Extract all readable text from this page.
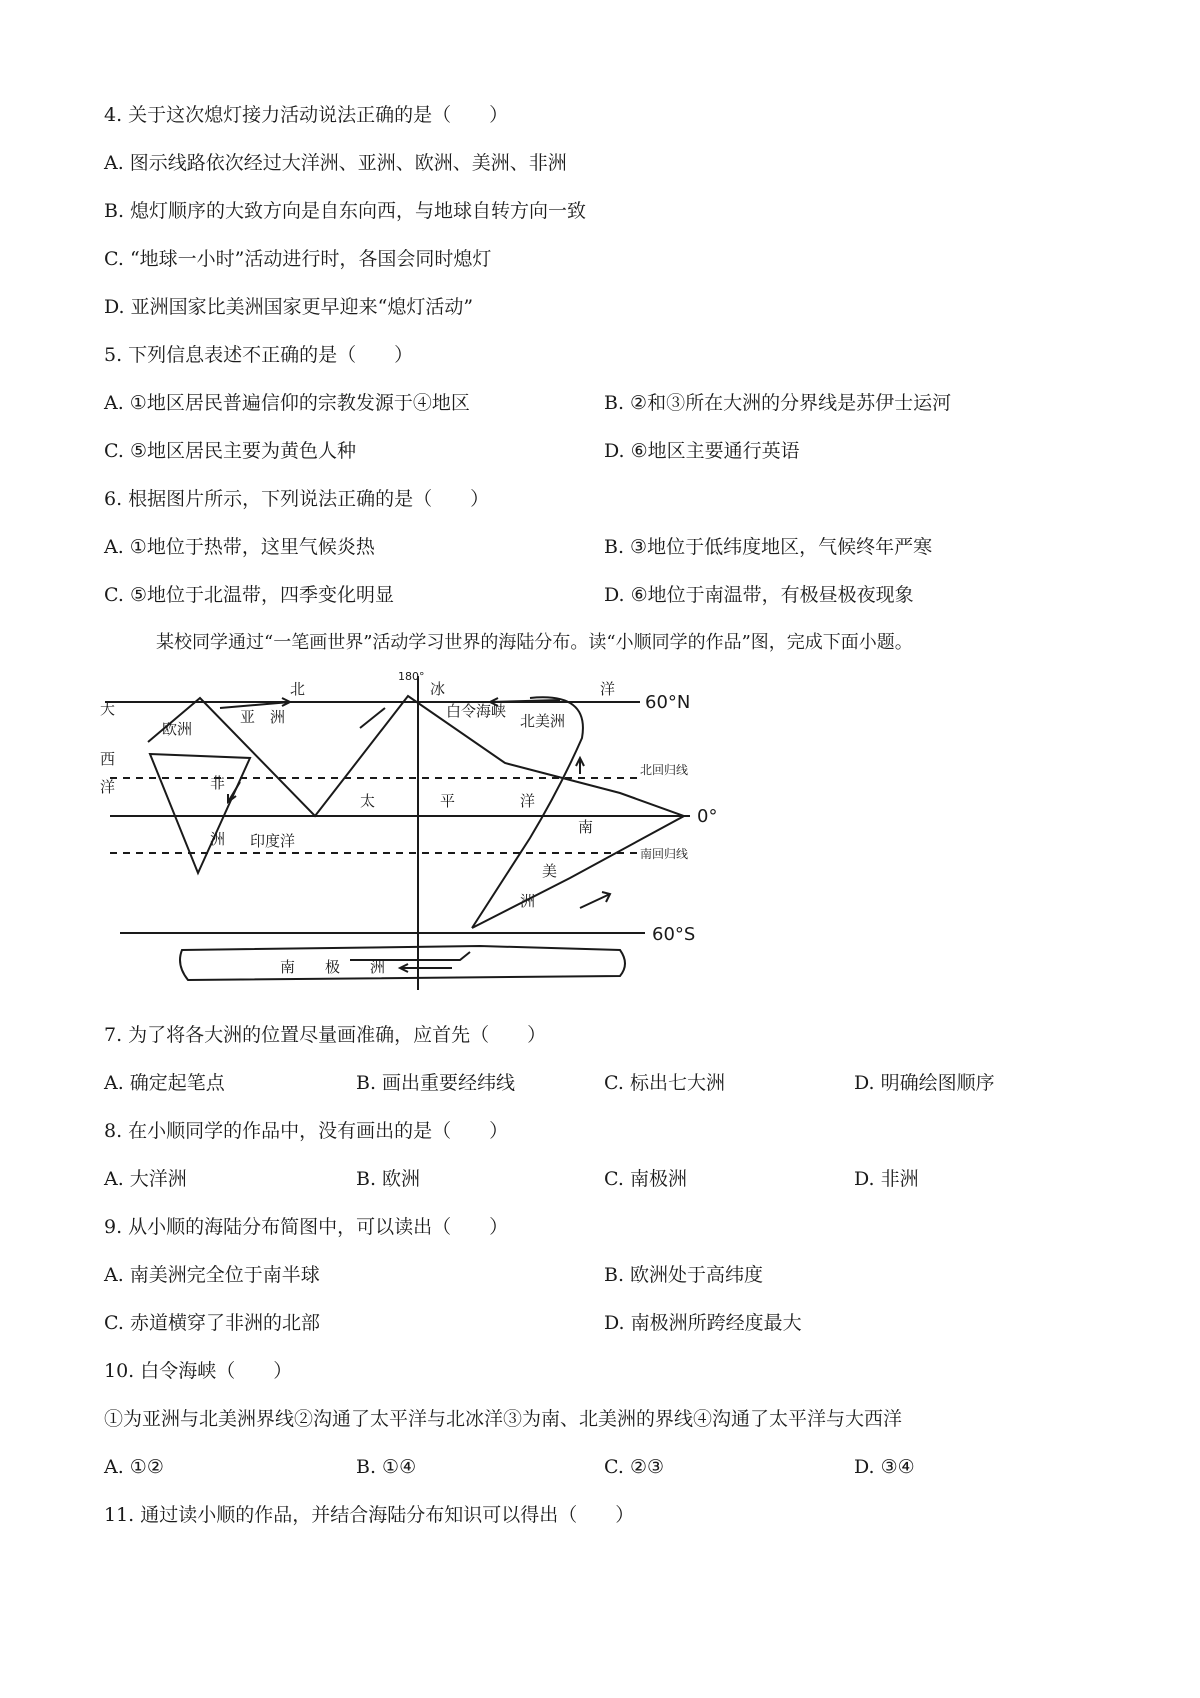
4. 关于这次熄灯接力活动说法正确的是（　　）
A. 图示线路依次经过大洋洲、亚洲、欧洲、美洲、非洲
B. 熄灯顺序的大致方向是自东向西，与地球自转方向一致
C. “地球一小时”活动进行时，各国会同时熄灯
D. 亚洲国家比美洲国家更早迎来“熄灯活动”
5. 下列信息表述不正确的是（　　）
A. ①地区居民普遍信仰的宗教发源于④地区	B. ②和③所在大洲的分界线是苏伊士运河
C. ⑤地区居民主要为黄色人种	D. ⑥地区主要通行英语
6. 根据图片所示，下列说法正确的是（　　）
A. ①地位于热带，这里气候炎热	B. ③地位于低纬度地区，气候终年严寒
C. ⑤地位于北温带，四季变化明显	D. ⑥地位于南温带，有极昼极夜现象
某校同学通过“一笔画世界”活动学习世界的海陆分布。读“小顺同学的作品”图，完成下面小题。
大
西
洋
欧洲
亚　洲
北	冰	洋
180°
白令海峡
北美洲
非
洲 印度洋
太	平	洋
南
美
洲
南　　极　　洲
北回归线
南回归线
60°N
0°
60°S
7. 为了将各大洲的位置尽量画准确，应首先（　　）
A. 确定起笔点	B. 画出重要经纬线	C. 标出七大洲	D. 明确绘图顺序
8. 在小顺同学的作品中，没有画出的是（　　）
A. 大洋洲	B. 欧洲	C. 南极洲	D. 非洲
9. 从小顺的海陆分布简图中，可以读出（　　）
A. 南美洲完全位于南半球	B. 欧洲处于高纬度
C. 赤道横穿了非洲的北部	D. 南极洲所跨经度最大
10. 白令海峡（　　）
①为亚洲与北美洲界线②沟通了太平洋与北冰洋③为南、北美洲的界线④沟通了太平洋与大西洋
A. ①②	B. ①④	C. ②③	D. ③④
11. 通过读小顺的作品，并结合海陆分布知识可以得出（　　）
